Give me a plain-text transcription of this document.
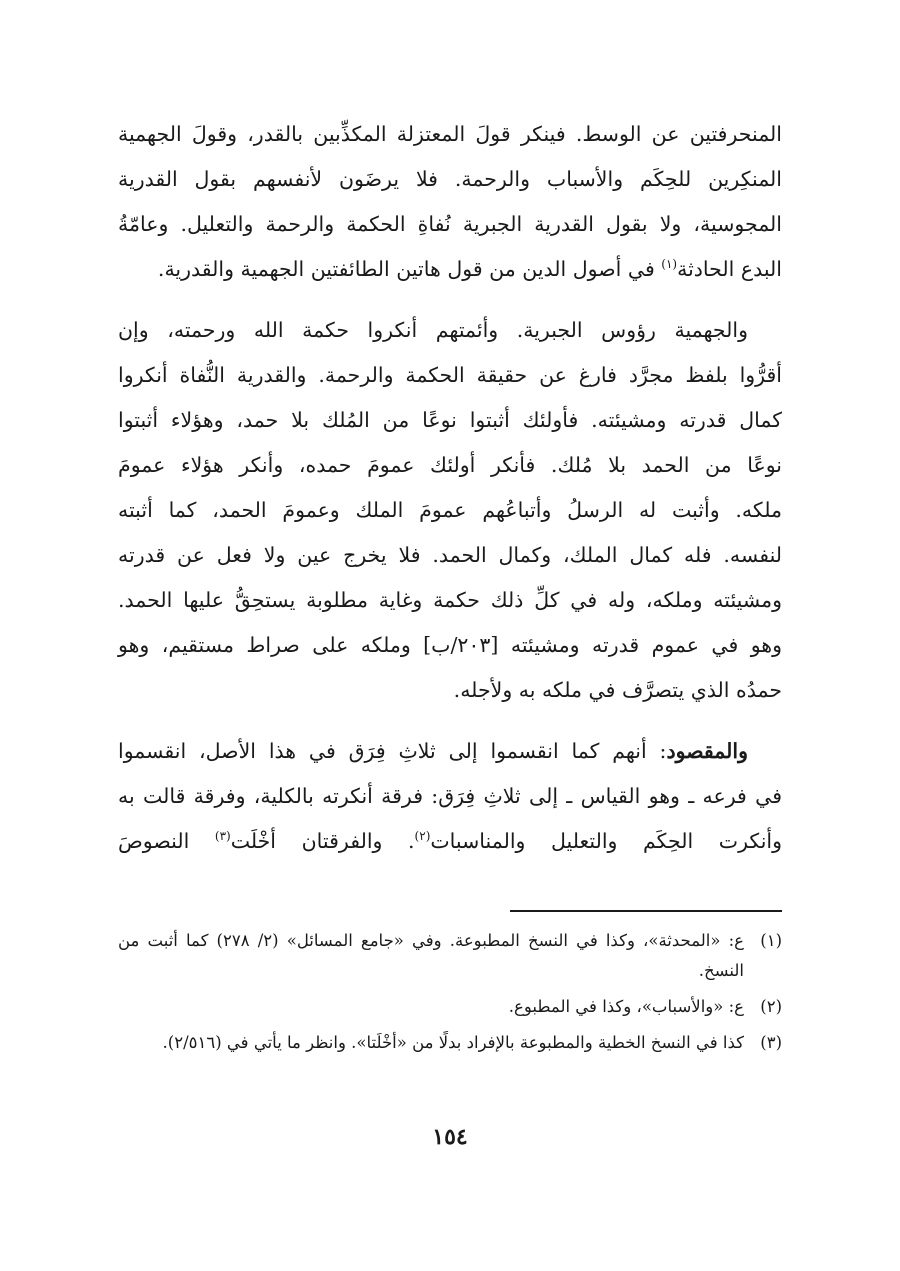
المنحرفتين عن الوسط. فينكر قولَ المعتزلة المكذِّبين بالقدر، وقولَ الجهمية
المنكِرين للحِكَم والأسباب والرحمة. فلا يرضَون لأنفسهم بقول القدرية
المجوسية، ولا بقول القدرية الجبرية نُفاةِ الحكمة والرحمة والتعليل. وعامّةُ
البدع الحادثة$^{(١)}$ في أصول الدين من قول هاتين الطائفتين الجهمية والقدرية.

والجهمية رؤوس الجبرية. وأئمتهم أنكروا حكمة الله ورحمته، وإن
أقرُّوا بلفظ مجرَّد فارغ عن حقيقة الحكمة والرحمة. والقدرية النُّفاة أنكروا
كمال قدرته ومشيئته. فأولئك أثبتوا نوعًا من المُلك بلا حمد، وهؤلاء أثبتوا
نوعًا من الحمد بلا مُلك. فأنكر أولئك عمومَ حمده، وأنكر هؤلاء عمومَ
ملكه. وأثبت له الرسلُ وأتباعُهم عمومَ الملك وعمومَ الحمد، كما أثبته
لنفسه. فله كمال الملك، وكمال الحمد. فلا يخرج عين ولا فعل عن قدرته
ومشيئته وملكه، وله في كلِّ ذلك حكمة وغاية مطلوبة يستحِقُّ عليها الحمد.
وهو في عموم قدرته ومشيئته [٢٠٣/ب] وملكه على صراط مستقيم، وهو
حمدُه الذي يتصرَّف في ملكه به ولأجله.

والمقصود: أنهم كما انقسموا إلى ثلاثِ فِرَق في هذا الأصل، انقسموا
في فرعه ـ وهو القياس ـ إلى ثلاثِ فِرَق: فرقة أنكرته بالكلية، وفرقة قالت به
وأنكرت الحِكَم والتعليل والمناسبات$^{(٢)}$. والفرقتان أخْلَت$^{(٣)}$ النصوصَ

(١)
ع: «المحدثة»، وكذا في النسخ المطبوعة. وفي «جامع المسائل» (٢/ ٢٧٨) كما أثبت من النسخ.
(٢)
ع: «والأسباب»، وكذا في المطبوع.
(٣)
كذا في النسخ الخطية والمطبوعة بالإفراد بدلًا من «أخْلَتا». وانظر ما يأتي في (٢/٥١٦).
١٥٤
